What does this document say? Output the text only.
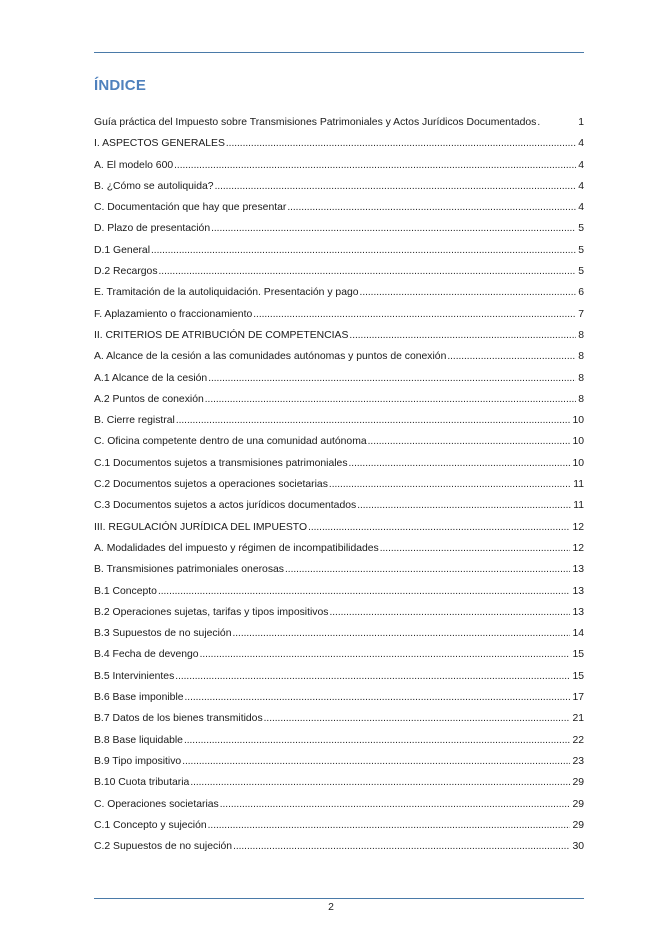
ÍNDICE
Guía práctica del Impuesto sobre Transmisiones Patrimoniales y Actos Jurídicos Documentados .	1
I. ASPECTOS GENERALES .....	4
A. El modelo 600 .....	4
B. ¿Cómo se autoliquida? .....	4
C. Documentación que hay que presentar .....	4
D. Plazo de presentación .....	5
D.1 General .....	5
D.2 Recargos .....	5
E. Tramitación de la autoliquidación. Presentación y pago .....	6
F. Aplazamiento o fraccionamiento .....	7
II. CRITERIOS DE ATRIBUCIÓN DE COMPETENCIAS .....	8
A. Alcance de la cesión a las comunidades autónomas y puntos de conexión .....	8
A.1 Alcance de la cesión .....	8
A.2 Puntos de conexión .....	8
B. Cierre registral .....	10
C. Oficina competente dentro de una comunidad autónoma .....	10
C.1 Documentos sujetos a transmisiones patrimoniales .....	10
C.2 Documentos sujetos a operaciones societarias .....	11
C.3 Documentos sujetos a actos jurídicos documentados .....	11
III. REGULACIÓN JURÍDICA DEL IMPUESTO .....	12
A. Modalidades del impuesto y régimen de incompatibilidades .....	12
B. Transmisiones patrimoniales onerosas .....	13
B.1 Concepto .....	13
B.2 Operaciones sujetas, tarifas y tipos impositivos .....	13
B.3 Supuestos de no sujeción .....	14
B.4 Fecha de devengo .....	15
B.5 Intervinientes .....	15
B.6 Base imponible .....	17
B.7 Datos de los bienes transmitidos .....	21
B.8 Base liquidable .....	22
B.9 Tipo impositivo .....	23
B.10 Cuota tributaria .....	29
C. Operaciones societarias .....	29
C.1 Concepto y sujeción .....	29
C.2 Supuestos de no sujeción .....	30
2
